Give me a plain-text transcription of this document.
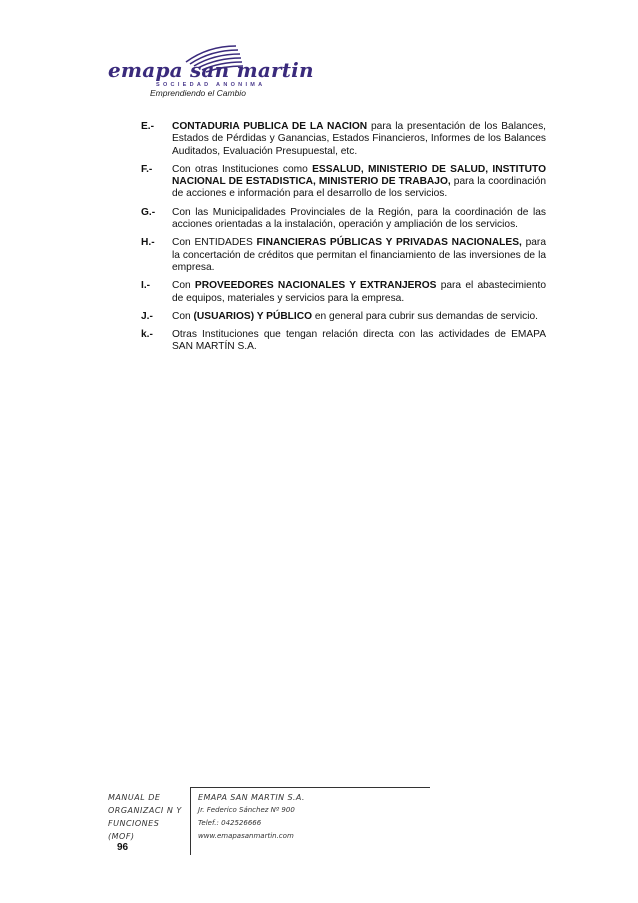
emapa san martin
SOCIEDAD ANONIMA
Emprendiendo el Cambio
E.-	CONTADURIA PUBLICA DE LA NACION para la presentación de los Balances, Estados de Pérdidas y Ganancias, Estados Financieros, Informes de los Balances Auditados, Evaluación Presupuestal, etc.
F.-	Con otras Instituciones como ESSALUD, MINISTERIO DE SALUD, INSTITUTO NACIONAL DE ESTADISTICA, MINISTERIO DE TRABAJO, para la coordinación de acciones e información para el desarrollo de los servicios.
G.-	Con las Municipalidades Provinciales de la Región, para la coordinación de las acciones orientadas a la instalación, operación y ampliación de los servicios.
H.-	Con ENTIDADES FINANCIERAS PÚBLICAS Y PRIVADAS NACIONALES, para la concertación de créditos que permitan el financiamiento de las inversiones de la empresa.
I.-	Con PROVEEDORES NACIONALES Y EXTRANJEROS para el abastecimiento de equipos, materiales y servicios para la empresa.
J.-	Con (USUARIOS) Y PÚBLICO en general para cubrir sus demandas de servicio.
k.-	Otras Instituciones que tengan relación directa con las actividades de EMAPA SAN MARTÍN S.A.
MANUAL DE
ORGANIZACI N Y
FUNCIONES
(MOF)
EMAPA SAN MARTIN S.A.
Jr. Federico Sánchez Nº 900
Telef.: 042526666
www.emapasanmartin.com
96
